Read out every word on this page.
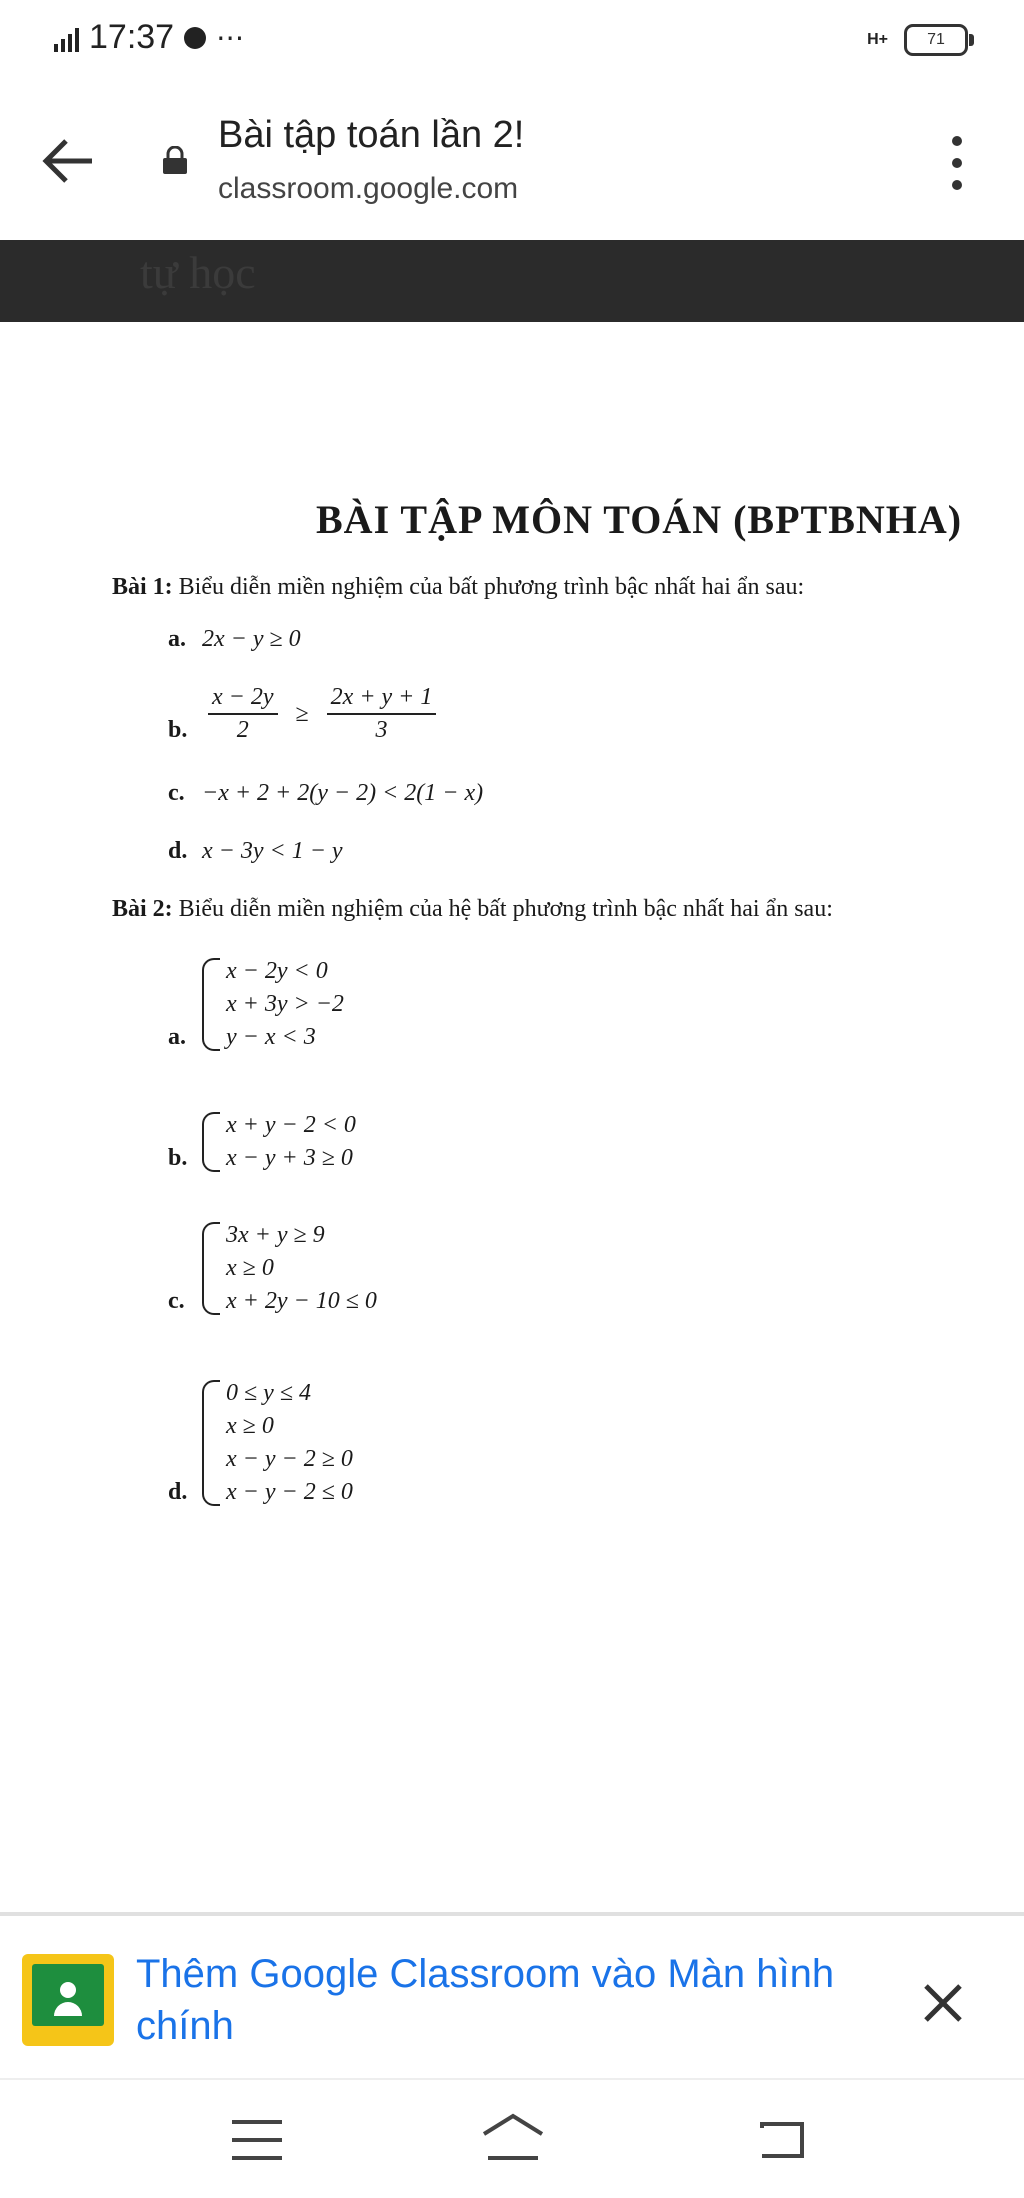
17:37 ⋯	H+	71
Bài tập toán lần 2!
classroom.google.com
tự học
BÀI TẬP MÔN TOÁN (BPTBNHA)
Bài 1: Biểu diễn miền nghiệm của bất phương trình bậc nhất hai ẩn sau:
a. 2x − y ≥ 0
b. $\frac{x - 2y}{2} \ge \frac{2x + y + 1}{3}$
c. −x + 2 + 2(y − 2) < 2(1 − x)
d. x − 3y < 1 − y
Bài 2: Biểu diễn miền nghiệm của hệ bất phương trình bậc nhất hai ẩn sau:
a.
x − 2y < 0
x + 3y > −2
y − x < 3
b.
x + y − 2 < 0
x − y + 3 ≥ 0
c.
3x + y ≥ 9
x ≥ 0
x + 2y − 10 ≤ 0
d.
0 ≤ y ≤ 4
x ≥ 0
x − y − 2 ≥ 0
x − y − 2 ≤ 0
Thêm Google Classroom vào Màn hình chính
